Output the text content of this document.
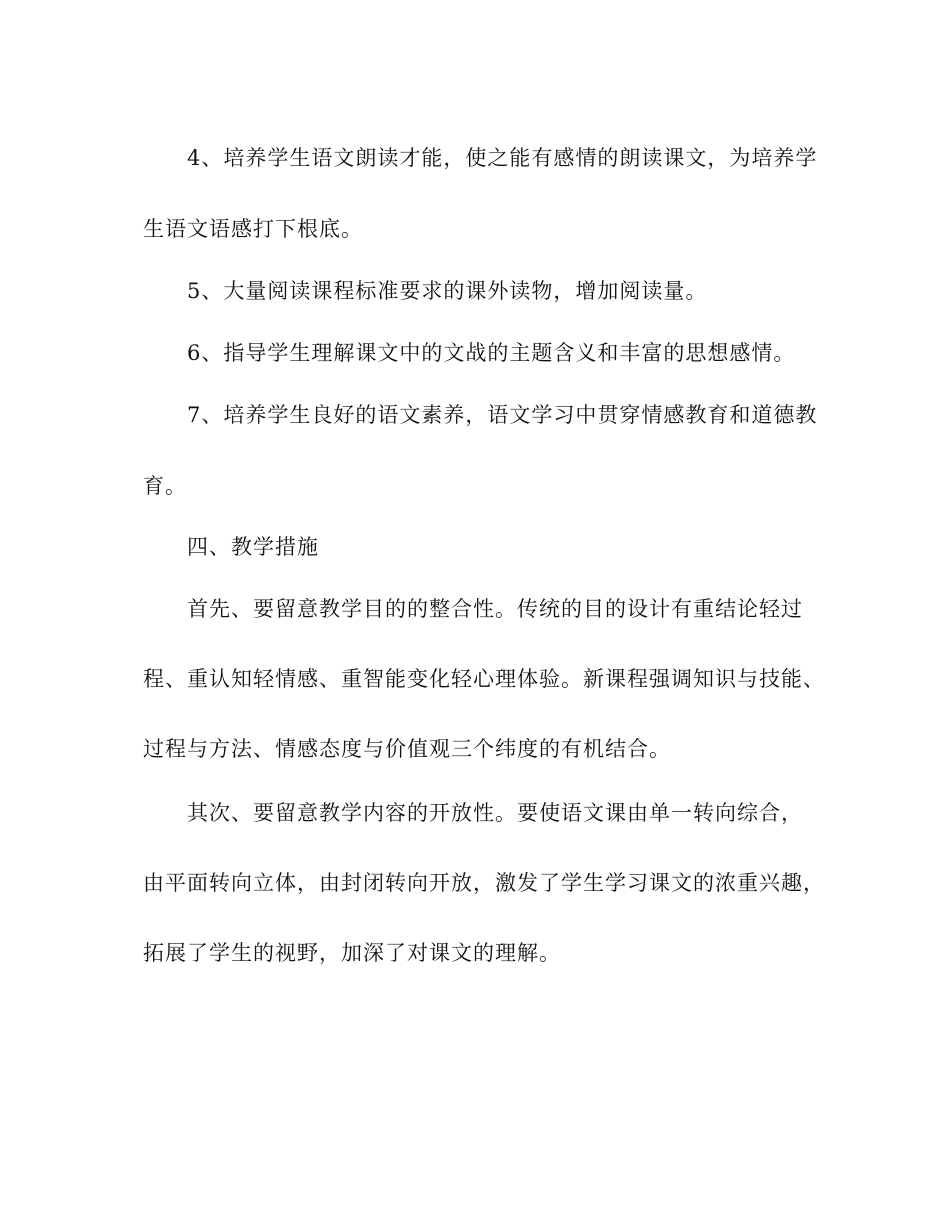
4、培养学生语文朗读才能，使之能有感情的朗读课文，为培养学
生语文语感打下根底。
5、大量阅读课程标准要求的课外读物，增加阅读量。
6、指导学生理解课文中的文战的主题含义和丰富的思想感情。
7、培养学生良好的语文素养，语文学习中贯穿情感教育和道德教
育。
四、教学措施
首先、要留意教学目的的整合性。传统的目的设计有重结论轻过
程、重认知轻情感、重智能变化轻心理体验。新课程强调知识与技能、
过程与方法、情感态度与价值观三个纬度的有机结合。
其次、要留意教学内容的开放性。要使语文课由单一转向综合，
由平面转向立体，由封闭转向开放，激发了学生学习课文的浓重兴趣，
拓展了学生的视野，加深了对课文的理解。
